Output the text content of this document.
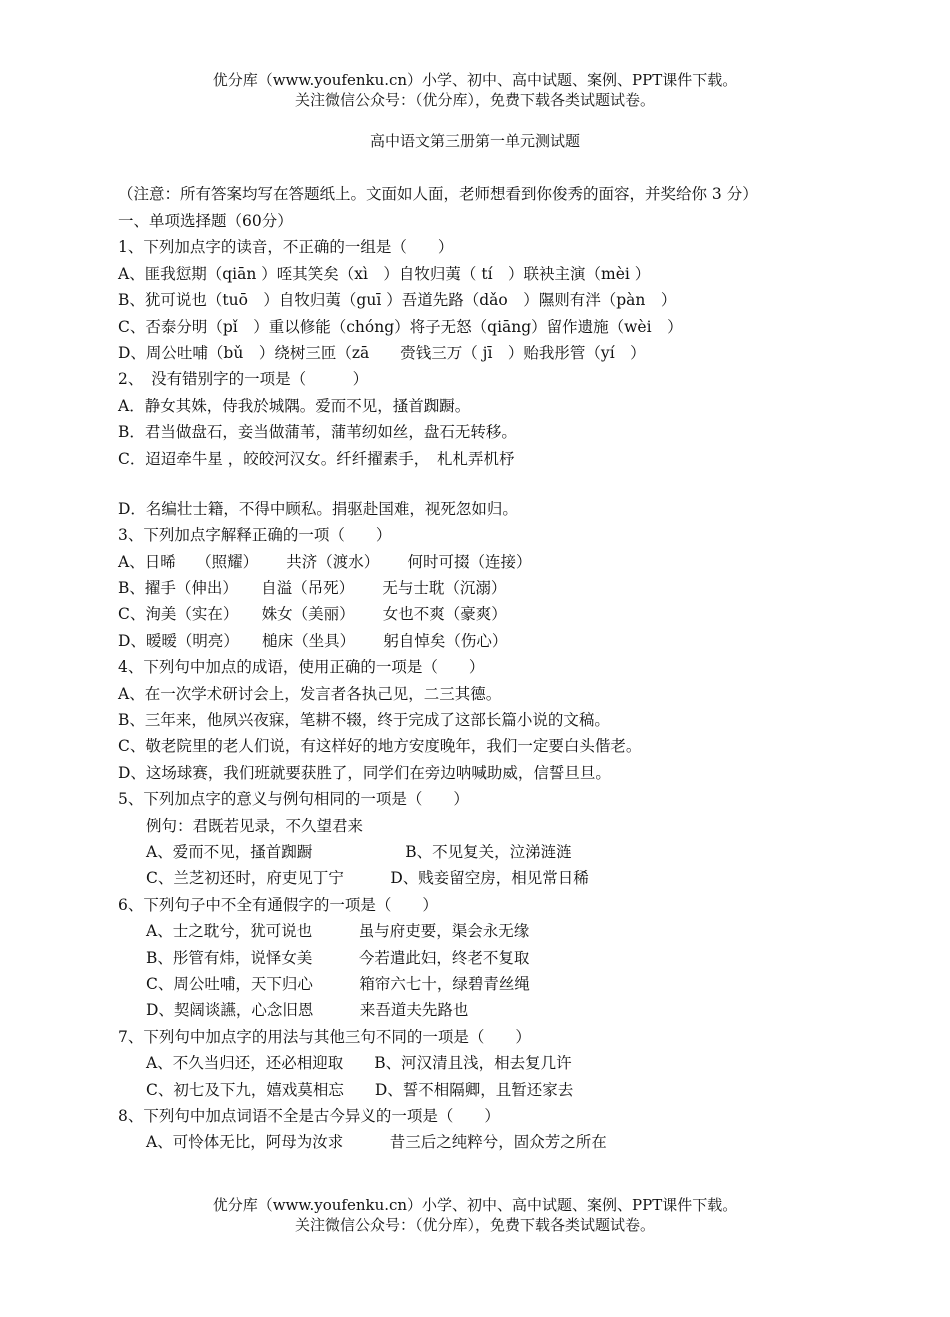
优分库（www.youfenku.cn）小学、初中、高中试题、案例、PPT课件下载。
关注微信公众号：（优分库），免费下载各类试题试卷。
高中语文第三册第一单元测试题
（注意：所有答案均写在答题纸上。文面如人面，老师想看到你俊秀的面容，并奖给你 3 分）
一、单项选择题（60分）
1、下列加点字的读音，不正确的一组是（　　）
A、匪我愆期（qiān ）咥其笑矣（xì　）自牧归荑（ tí　）联袂主演（mèi ）
B、犹可说也（tuō　）自牧归荑（guī ）吾道先路（dǎo　）隰则有泮（pàn　）
C、否泰分明（pǐ　）重以修能（chóng）将子无怒（qiāng）留作遗施（wèi　）
D、周公吐哺（bǔ　）绕树三匝（zā　　赍钱三万（ jī　）贻我彤管（yí　）
2、　没有错别字的一项是（　　　）
A．静女其姝，侍我於城隅。爱而不见，搔首踟蹰。
B．君当做盘石，妾当做蒲苇，蒲苇纫如丝，盘石无转移。
C．迢迢牵牛星 ，皎皎河汉女。纤纤擢素手，　札札弄机杼
D．名编壮士籍，不得中顾私。捐驱赴国难，视死忽如归。
3、下列加点字解释正确的一项（　　）
A、日晞　 （照耀）　　 共济（渡水）　　 何时可掇（连接）
B、擢手（伸出）　　自溢（吊死）　　 无与士耽（沉溺）
C、洵美（实在）　　姝女（美丽）　　 女也不爽（豪爽）
D、暧暧（明亮）　　槌床（坐具）　　 躬自悼矣（伤心）
4、下列句中加点的成语，使用正确的一项是（　　）
A、在一次学术研讨会上，发言者各执己见，二三其德。
B、三年来，他夙兴夜寐，笔耕不辍，终于完成了这部长篇小说的文稿。
C、敬老院里的老人们说，有这样好的地方安度晚年，我们一定要白头偕老。
D、这场球赛，我们班就要获胜了，同学们在旁边呐喊助威，信誓旦旦。
5、下列加点字的意义与例句相同的一项是（　　）
例句：君既若见录，不久望君来
A、爱而不见，搔首踟蹰　　　　　　B、不见复关，泣涕涟涟
C、兰芝初还时，府吏见丁宁　　　D、贱妾留空房，相见常日稀
6、下列句子中不全有通假字的一项是（　　）
A、士之耽兮，犹可说也　　　虽与府吏要，渠会永无缘
B、彤管有炜，说怿女美　　　今若遣此妇，终老不复取
C、周公吐哺，天下归心　　　箱帘六七十，绿碧青丝绳
D、契阔谈讌，心念旧恩　　　来吾道夫先路也
7、下列句中加点字的用法与其他三句不同的一项是（　　）
A、不久当归还，还必相迎取　　B、河汉清且浅，相去复几许
C、初七及下九，嬉戏莫相忘　　D、誓不相隔卿，且暂还家去
8、下列句中加点词语不全是古今异义的一项是（　　）
A、可怜体无比，阿母为汝求　　　昔三后之纯粹兮，固众芳之所在
优分库（www.youfenku.cn）小学、初中、高中试题、案例、PPT课件下载。
关注微信公众号：（优分库），免费下载各类试题试卷。
